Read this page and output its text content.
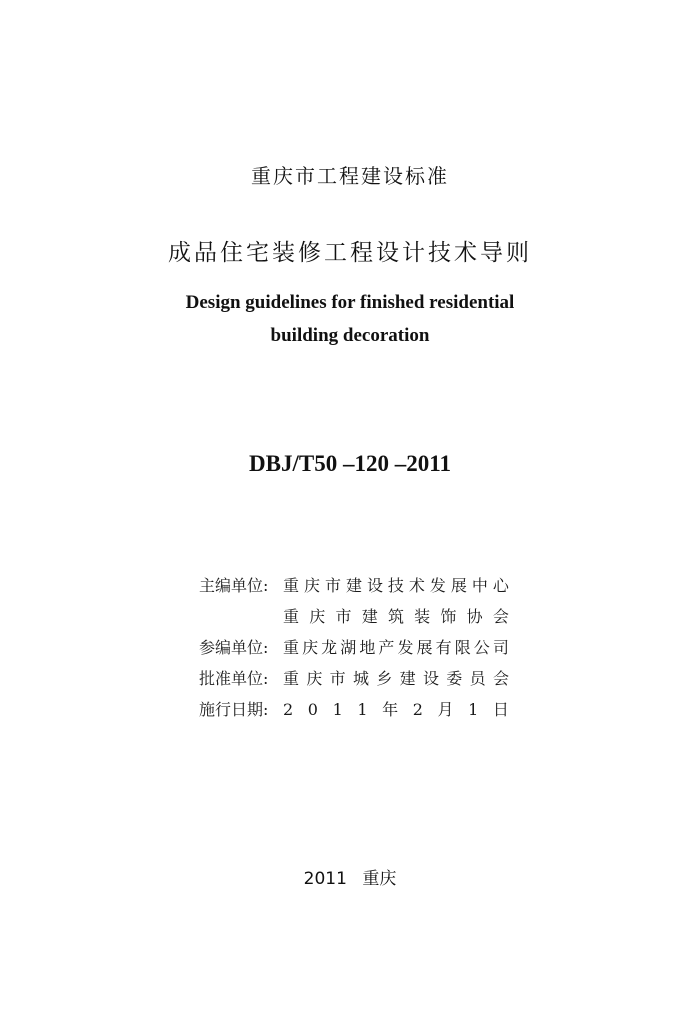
重庆市工程建设标准
成品住宅装修工程设计技术导则
Design guidelines for finished residential
building decoration
DBJ/T50 –120 –2011
主编单位: 重 庆 市 建 设 技 术 发 展 中 心
重 庆 市 建 筑 装 饰 协 会
参编单位: 重 庆 龙 湖 地 产 发 展 有 限 公 司
批准单位: 重 庆 市 城 乡 建 设 委 员 会
施行日期: 2 0 1 1 年 2 月 1 日
2011 重庆
